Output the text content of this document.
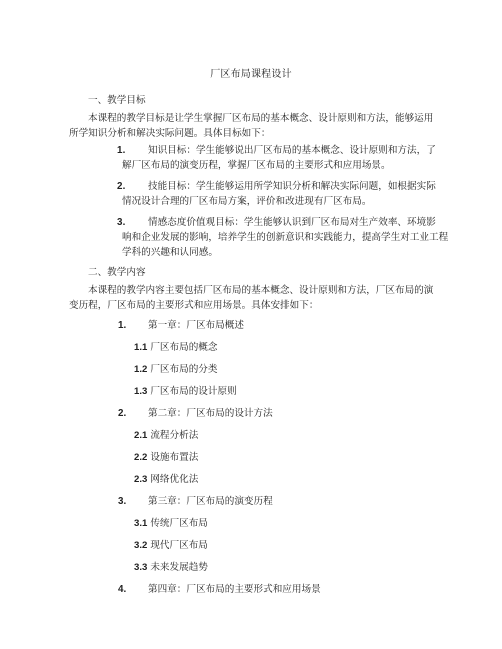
厂区布局课程设计
一、教学目标
本课程的教学目标是让学生掌握厂区布局的基本概念、设计原则和方法，能够运用所学知识分析和解决实际问题。具体目标如下：
1.	知识目标：学生能够说出厂区布局的基本概念、设计原则和方法，了
解厂区布局的演变历程，掌握厂区布局的主要形式和应用场景。
2.	技能目标：学生能够运用所学知识分析和解决实际问题，如根据实际
情况设计合理的厂区布局方案，评价和改进现有厂区布局。
3.	情感态度价值观目标：学生能够认识到厂区布局对生产效率、环境影
响和企业发展的影响，培养学生的创新意识和实践能力，提高学生对工业工程
学科的兴趣和认同感。
二、教学内容
本课程的教学内容主要包括厂区布局的基本概念、设计原则和方法，厂区布局的演变历程，厂区布局的主要形式和应用场景。具体安排如下：
1. 第一章：厂区布局概述
1.1 厂区布局的概念
1.2 厂区布局的分类
1.3 厂区布局的设计原则
2. 第二章：厂区布局的设计方法
2.1 流程分析法
2.2 设施布置法
2.3 网络优化法
3. 第三章：厂区布局的演变历程
3.1 传统厂区布局
3.2 现代厂区布局
3.3 未来发展趋势
4. 第四章：厂区布局的主要形式和应用场景
